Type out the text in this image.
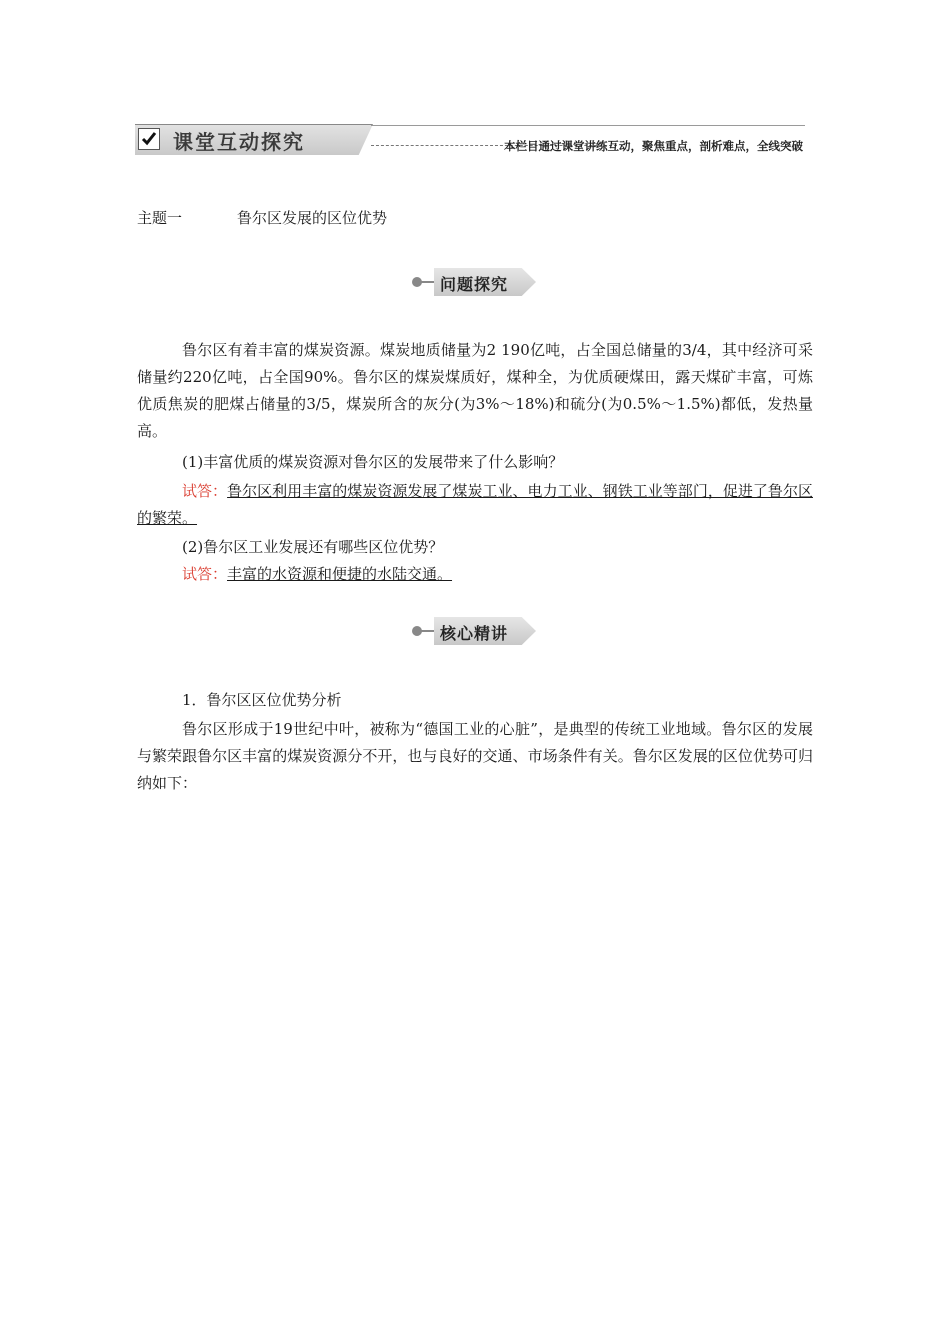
课堂互动探究	本栏目通过课堂讲练互动，聚焦重点，剖析难点，全线突破
主题一	鲁尔区发展的区位优势
问题探究

鲁尔区有着丰富的煤炭资源。煤炭地质储量为2 190亿吨，占全国总储量的3/4，其中经济可采储量约220亿吨，占全国90%。鲁尔区的煤炭煤质好，煤种全，为优质硬煤田，露天煤矿丰富，可炼优质焦炭的肥煤占储量的3/5，煤炭所含的灰分(为3%～18%)和硫分(为0.5%～1.5%)都低，发热量高。

(1)丰富优质的煤炭资源对鲁尔区的发展带来了什么影响？

试答：鲁尔区利用丰富的煤炭资源发展了煤炭工业、电力工业、钢铁工业等部门，促进了鲁尔区的繁荣。

(2)鲁尔区工业发展还有哪些区位优势？
试答：丰富的水资源和便捷的水陆交通。
核心精讲
1．鲁尔区区位优势分析

鲁尔区形成于19世纪中叶，被称为“德国工业的心脏”，是典型的传统工业地域。鲁尔区的发展与繁荣跟鲁尔区丰富的煤炭资源分不开，也与良好的交通、市场条件有关。鲁尔区发展的区位优势可归纳如下：
